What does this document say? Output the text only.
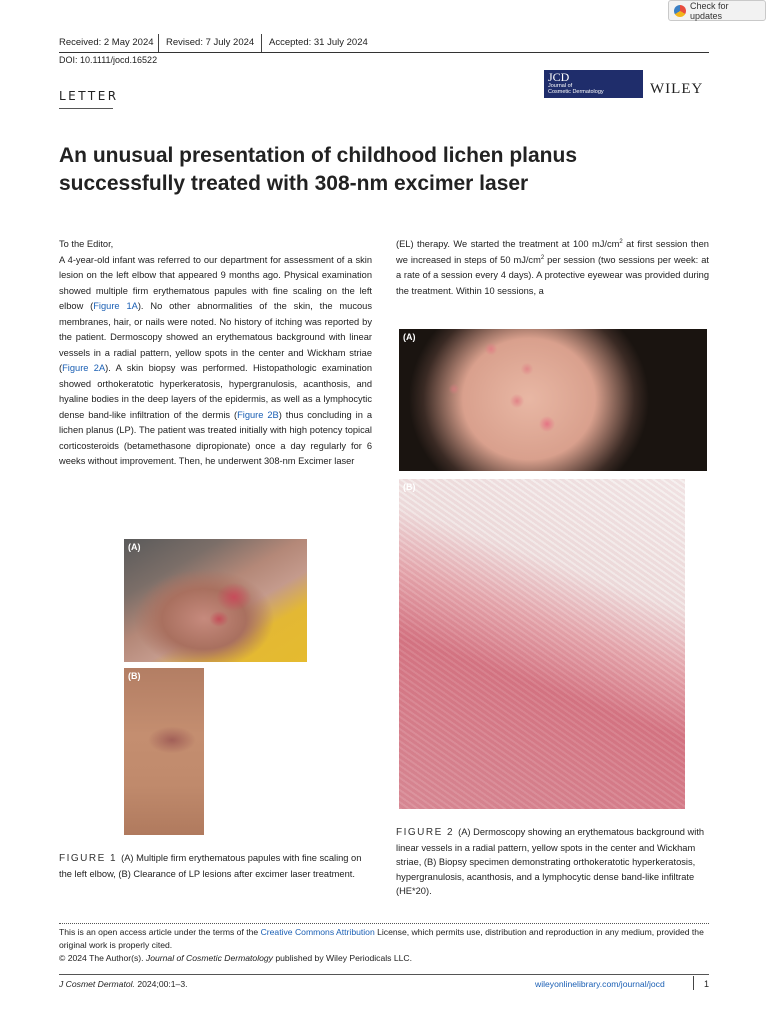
Check for updates
Received: 2 May 2024 Revised: 7 July 2024 Accepted: 31 July 2024
DOI: 10.1111/jocd.16522
LETTER
JCD
Journal of
Cosmetic Dermatology	WILEY
An unusual presentation of childhood lichen planus successfully treated with 308-nm excimer laser
To the Editor,

A 4-year-old infant was referred to our department for assessment of a skin lesion on the left elbow that appeared 9 months ago. Physical examination showed multiple firm erythematous papules with fine scaling on the left elbow (Figure 1A). No other abnormalities of the skin, the mucous membranes, hair, or nails were noted. No history of itching was reported by the patient. Dermoscopy showed an erythematous background with linear vessels in a radial pattern, yellow spots in the center and Wickham striae (Figure 2A). A skin biopsy was performed. Histopathologic examination showed orthokeratotic hyperkeratosis, hypergranulosis, acanthosis, and hyaline bodies in the deep layers of the epidermis, as well as a lymphocytic dense band-like infiltration of the dermis (Figure 2B) thus concluding in a lichen planus (LP). The patient was treated initially with high potency topical corticosteroids (betamethasone dipropionate) once a day regularly for 6 weeks without improvement. Then, he underwent 308-nm Excimer laser

(EL) therapy. We started the treatment at 100 $mJ/cm^2$ at first session then we increased in steps of 50 $mJ/cm^2$ per session (two sessions per week: at a rate of a session every 4 days). A protective eyewear was provided during the treatment. Within 10 sessions, a

(A)
(B)
FIGURE 1 (A) Multiple firm erythematous papules with fine scaling on the left elbow, (B) Clearance of LP lesions after excimer laser treatment.
(A)
(B)
FIGURE 2 (A) Dermoscopy showing an erythematous background with linear vessels in a radial pattern, yellow spots in the center and Wickham striae, (B) Biopsy specimen demonstrating orthokeratotic hyperkeratosis, hypergranulosis, acanthosis, and a lymphocytic dense band-like infiltrate (HE*20).
This is an open access article under the terms of the Creative Commons Attribution License, which permits use, distribution and reproduction in any medium, provided the original work is properly cited.
© 2024 The Author(s). Journal of Cosmetic Dermatology published by Wiley Periodicals LLC.
J Cosmet Dermatol. 2024;00:1–3.	wileyonlinelibrary.com/journal/jocd	1
